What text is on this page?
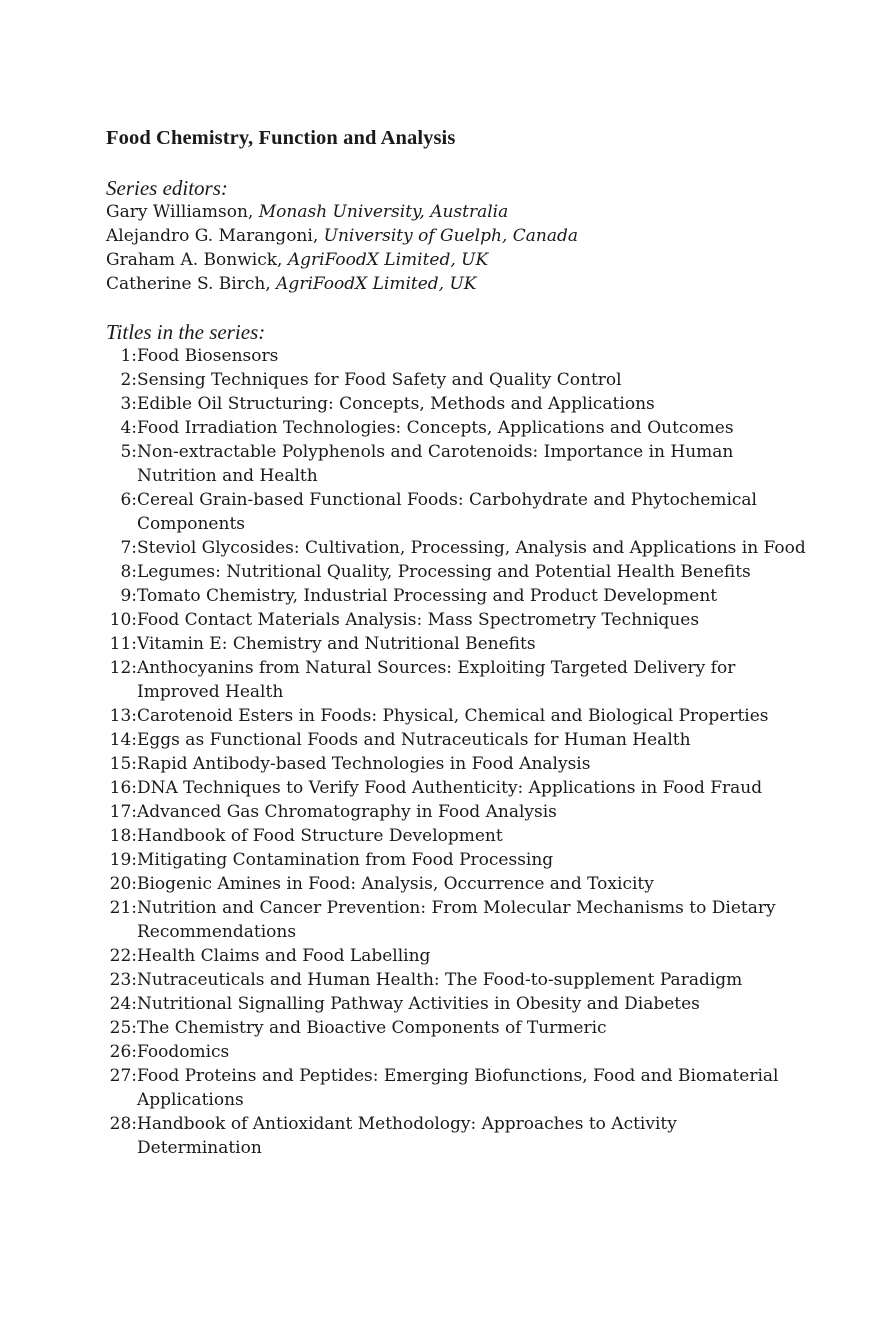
Food Chemistry, Function and Analysis
Series editors:
Gary Williamson, Monash University, Australia
Alejandro G. Marangoni, University of Guelph, Canada
Graham A. Bonwick, AgriFoodX Limited, UK
Catherine S. Birch, AgriFoodX Limited, UK
Titles in the series:
1: Food Biosensors
2: Sensing Techniques for Food Safety and Quality Control
3: Edible Oil Structuring: Concepts, Methods and Applications
4: Food Irradiation Technologies: Concepts, Applications and Outcomes
5: Non-extractable Polyphenols and Carotenoids: Importance in Human Nutrition and Health
6: Cereal Grain-based Functional Foods: Carbohydrate and Phytochemical Components
7: Steviol Glycosides: Cultivation, Processing, Analysis and Applications in Food
8: Legumes: Nutritional Quality, Processing and Potential Health Benefits
9: Tomato Chemistry, Industrial Processing and Product Development
10: Food Contact Materials Analysis: Mass Spectrometry Techniques
11: Vitamin E: Chemistry and Nutritional Benefits
12: Anthocyanins from Natural Sources: Exploiting Targeted Delivery for Improved Health
13: Carotenoid Esters in Foods: Physical, Chemical and Biological Properties
14: Eggs as Functional Foods and Nutraceuticals for Human Health
15: Rapid Antibody-based Technologies in Food Analysis
16: DNA Techniques to Verify Food Authenticity: Applications in Food Fraud
17: Advanced Gas Chromatography in Food Analysis
18: Handbook of Food Structure Development
19: Mitigating Contamination from Food Processing
20: Biogenic Amines in Food: Analysis, Occurrence and Toxicity
21: Nutrition and Cancer Prevention: From Molecular Mechanisms to Dietary Recommendations
22: Health Claims and Food Labelling
23: Nutraceuticals and Human Health: The Food-to-supplement Paradigm
24: Nutritional Signalling Pathway Activities in Obesity and Diabetes
25: The Chemistry and Bioactive Components of Turmeric
26: Foodomics
27: Food Proteins and Peptides: Emerging Biofunctions, Food and Biomaterial Applications
28: Handbook of Antioxidant Methodology: Approaches to Activity Determination
